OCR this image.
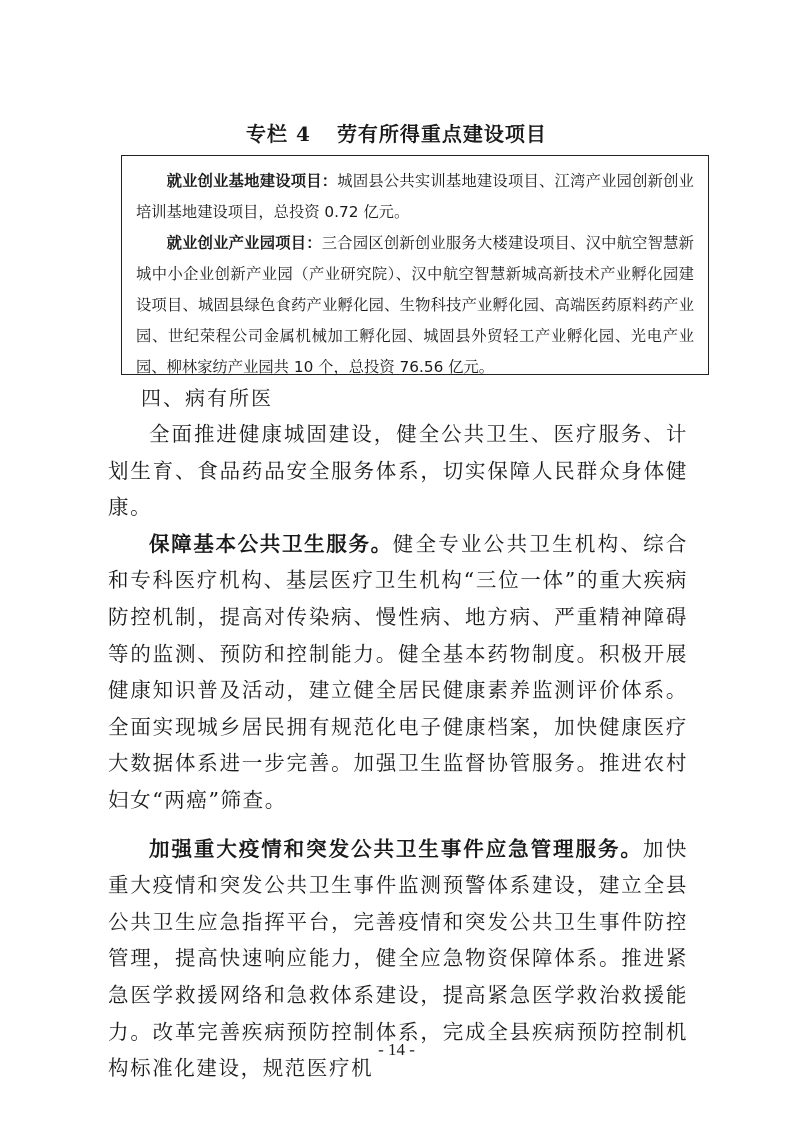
专栏 4 劳有所得重点建设项目

就业创业基地建设项目：城固县公共实训基地建设项目、江湾产业园创新创业培训基地建设项目，总投资 0.72 亿元。

就业创业产业园项目：三合园区创新创业服务大楼建设项目、汉中航空智慧新城中小企业创新产业园（产业研究院）、汉中航空智慧新城高新技术产业孵化园建设项目、城固县绿色食药产业孵化园、生物科技产业孵化园、高端医药原料药产业园、世纪荣程公司金属机械加工孵化园、城固县外贸轻工产业孵化园、光电产业园、柳林家纺产业园共 10 个，总投资 76.56 亿元。

四、病有所医

全面推进健康城固建设，健全公共卫生、医疗服务、计划生育、食品药品安全服务体系，切实保障人民群众身体健康。

保障基本公共卫生服务。健全专业公共卫生机构、综合和专科医疗机构、基层医疗卫生机构“三位一体”的重大疾病防控机制，提高对传染病、慢性病、地方病、严重精神障碍等的监测、预防和控制能力。健全基本药物制度。积极开展健康知识普及活动，建立健全居民健康素养监测评价体系。全面实现城乡居民拥有规范化电子健康档案，加快健康医疗大数据体系进一步完善。加强卫生监督协管服务。推进农村妇女“两癌”筛查。

加强重大疫情和突发公共卫生事件应急管理服务。加快重大疫情和突发公共卫生事件监测预警体系建设，建立全县公共卫生应急指挥平台，完善疫情和突发公共卫生事件防控管理，提高快速响应能力，健全应急物资保障体系。推进紧急医学救援网络和急救体系建设，提高紧急医学救治救援能力。改革完善疾病预防控制体系，完成全县疾病预防控制机构标准化建设，规范医疗机

- 14 -
